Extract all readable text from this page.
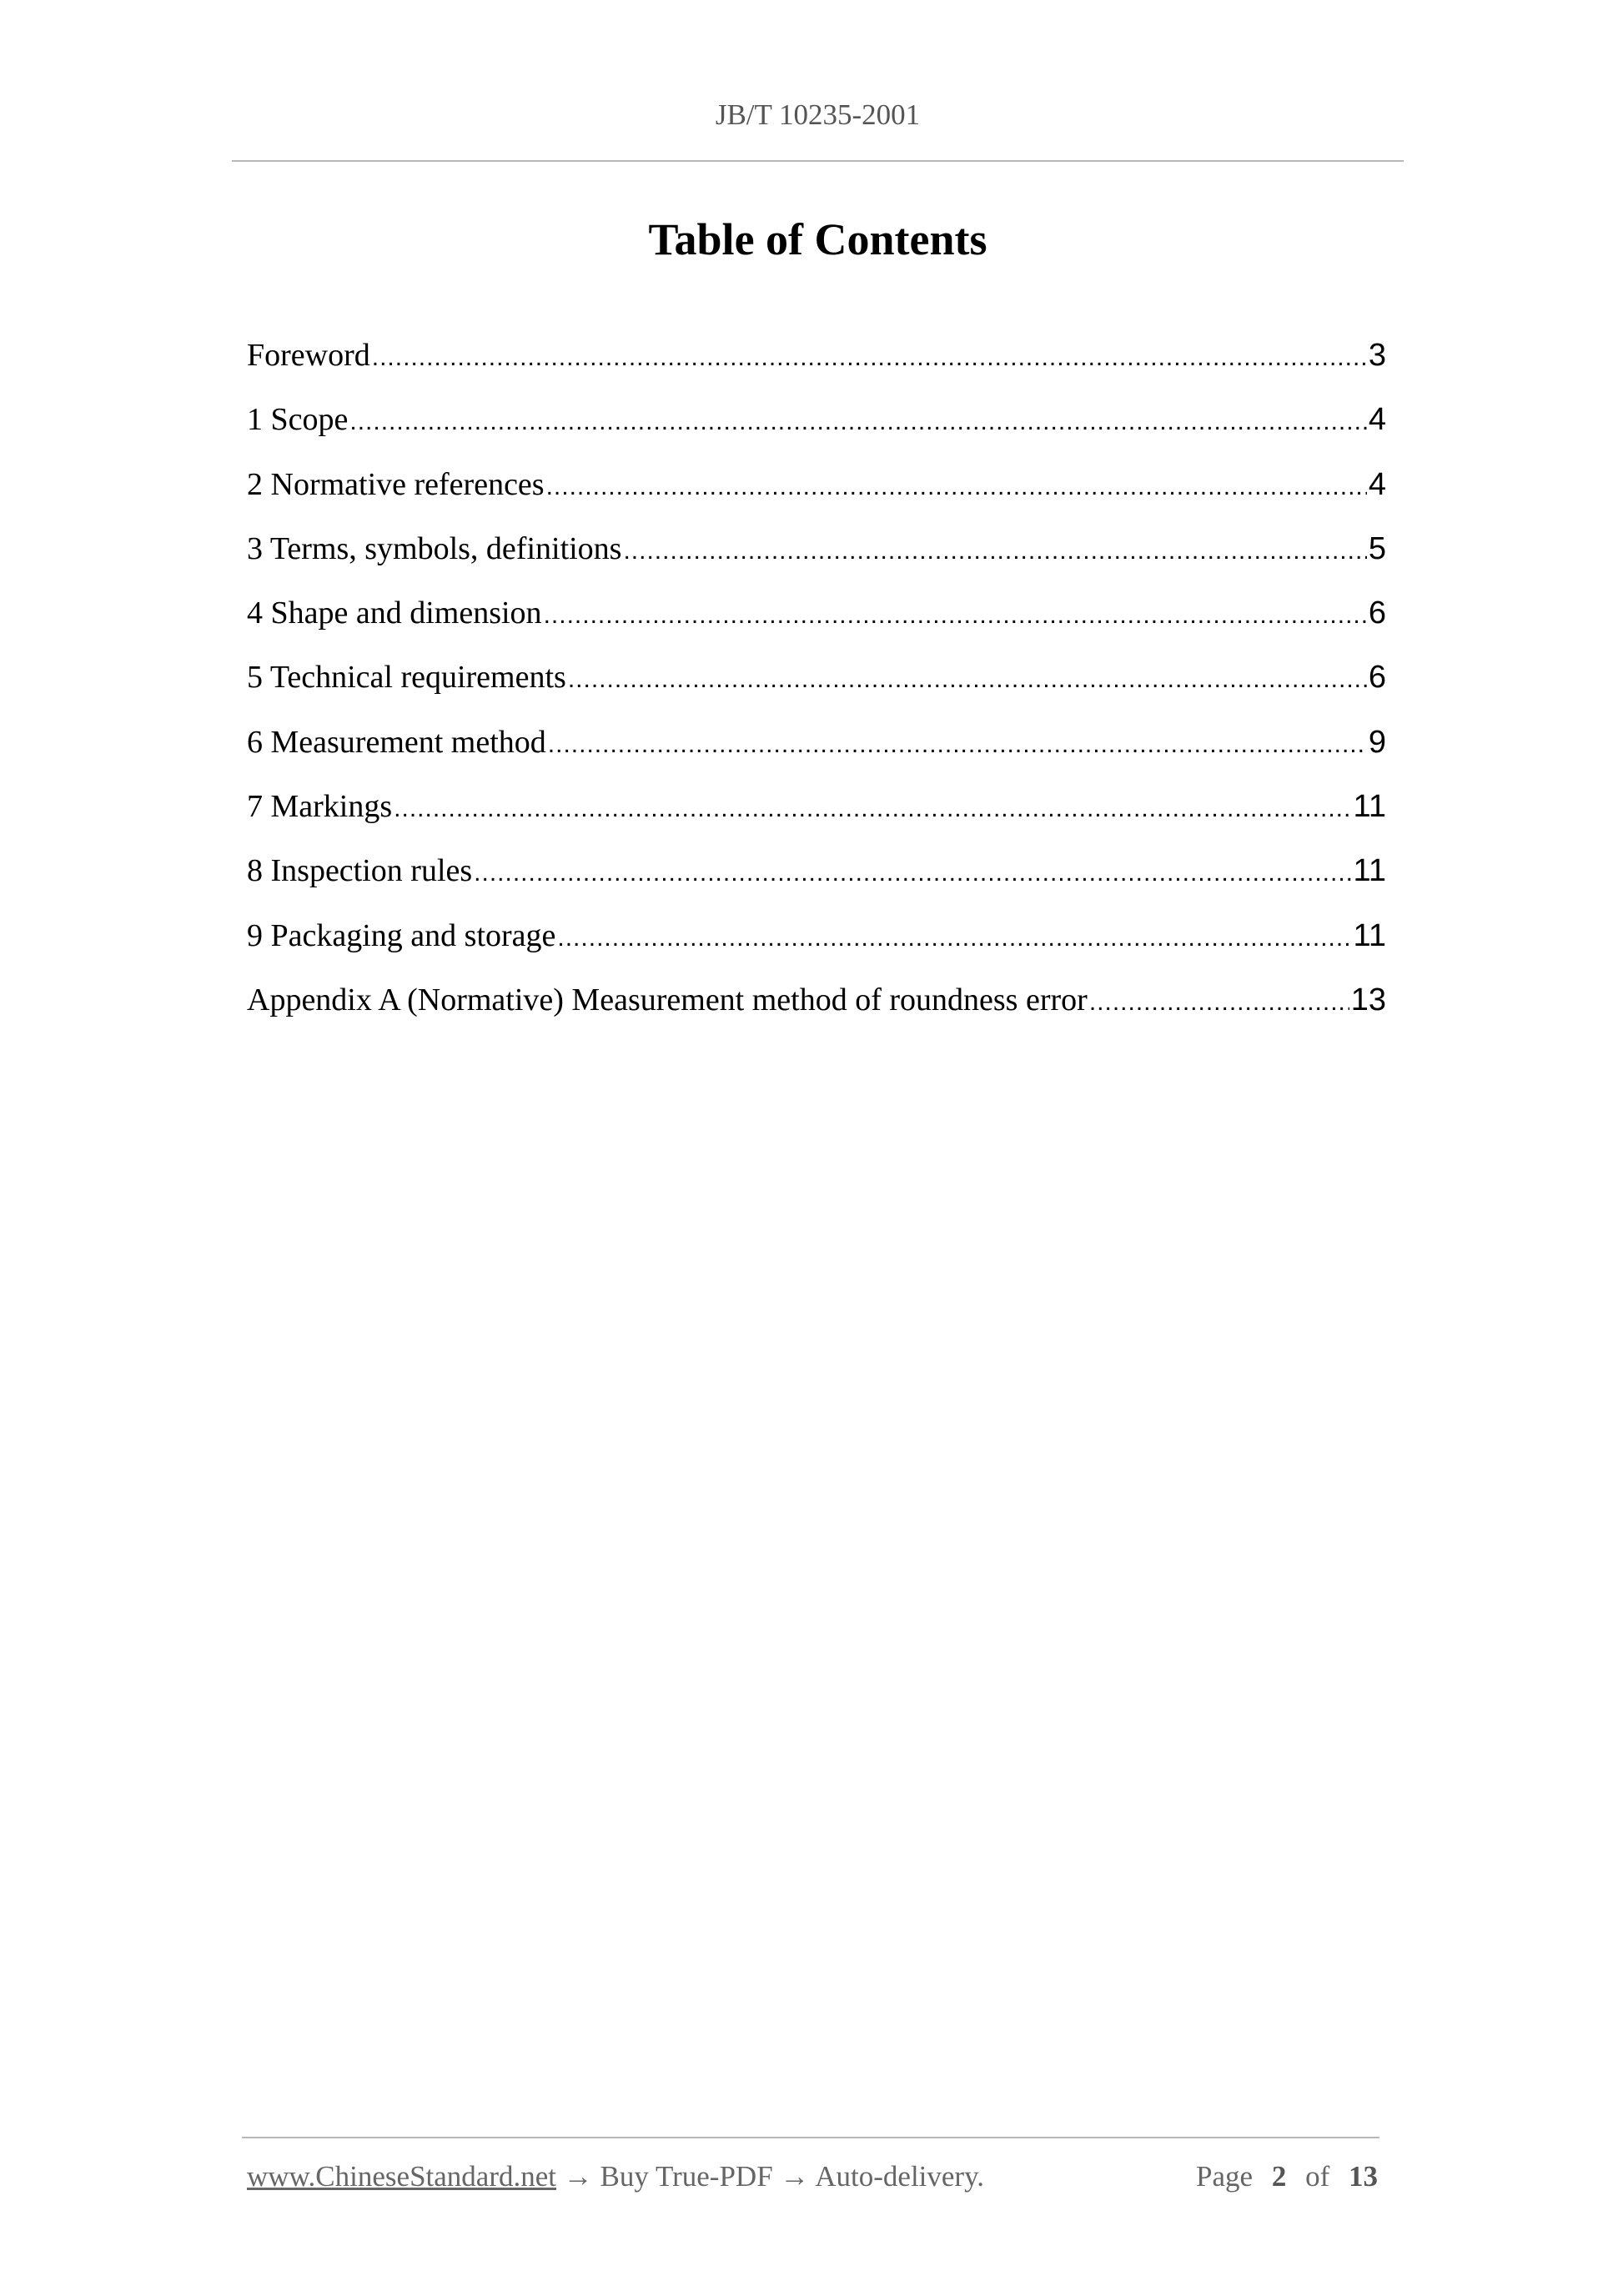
JB/T 10235-2001
Table of Contents
Foreword .....	3
1 Scope .....	4
2 Normative references .....	4
3 Terms, symbols, definitions .....	5
4 Shape and dimension .....	6
5 Technical requirements .....	6
6 Measurement method .....	9
7 Markings .....	11
8 Inspection rules .....	11
9 Packaging and storage .....	11
Appendix A (Normative) Measurement method of roundness error .....	13
www.ChineseStandard.net → Buy True-PDF → Auto-delivery.	Page 2 of 13
